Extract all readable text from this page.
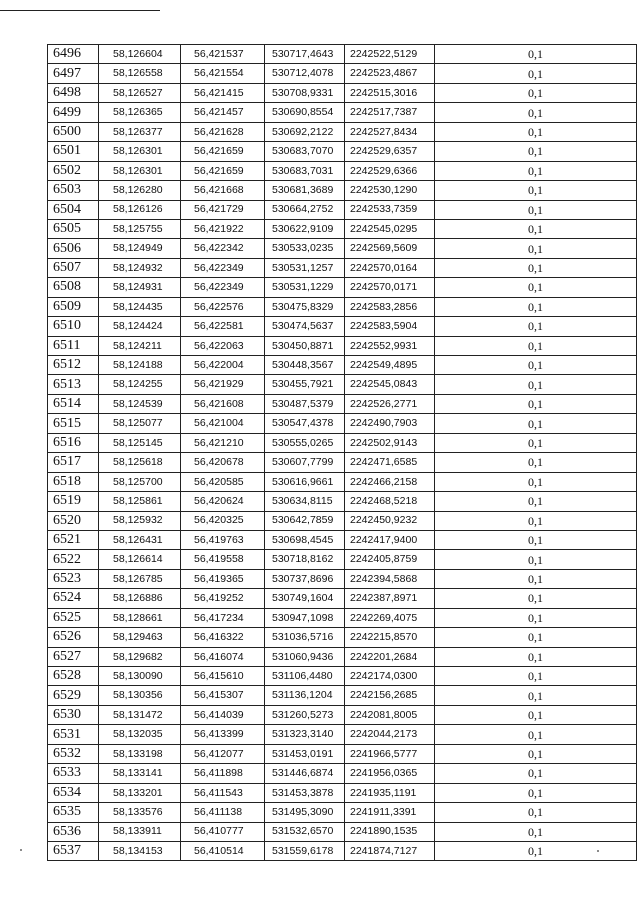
6496	58,126604	56,421537	530717,4643	2242522,5129	0,1
6497	58,126558	56,421554	530712,4078	2242523,4867	0,1
6498	58,126527	56,421415	530708,9331	2242515,3016	0,1
6499	58,126365	56,421457	530690,8554	2242517,7387	0,1
6500	58,126377	56,421628	530692,2122	2242527,8434	0,1
6501	58,126301	56,421659	530683,7070	2242529,6357	0,1
6502	58,126301	56,421659	530683,7031	2242529,6366	0,1
6503	58,126280	56,421668	530681,3689	2242530,1290	0,1
6504	58,126126	56,421729	530664,2752	2242533,7359	0,1
6505	58,125755	56,421922	530622,9109	2242545,0295	0,1
6506	58,124949	56,422342	530533,0235	2242569,5609	0,1
6507	58,124932	56,422349	530531,1257	2242570,0164	0,1
6508	58,124931	56,422349	530531,1229	2242570,0171	0,1
6509	58,124435	56,422576	530475,8329	2242583,2856	0,1
6510	58,124424	56,422581	530474,5637	2242583,5904	0,1
6511	58,124211	56,422063	530450,8871	2242552,9931	0,1
6512	58,124188	56,422004	530448,3567	2242549,4895	0,1
6513	58,124255	56,421929	530455,7921	2242545,0843	0,1
6514	58,124539	56,421608	530487,5379	2242526,2771	0,1
6515	58,125077	56,421004	530547,4378	2242490,7903	0,1
6516	58,125145	56,421210	530555,0265	2242502,9143	0,1
6517	58,125618	56,420678	530607,7799	2242471,6585	0,1
6518	58,125700	56,420585	530616,9661	2242466,2158	0,1
6519	58,125861	56,420624	530634,8115	2242468,5218	0,1
6520	58,125932	56,420325	530642,7859	2242450,9232	0,1
6521	58,126431	56,419763	530698,4545	2242417,9400	0,1
6522	58,126614	56,419558	530718,8162	2242405,8759	0,1
6523	58,126785	56,419365	530737,8696	2242394,5868	0,1
6524	58,126886	56,419252	530749,1604	2242387,8971	0,1
6525	58,128661	56,417234	530947,1098	2242269,4075	0,1
6526	58,129463	56,416322	531036,5716	2242215,8570	0,1
6527	58,129682	56,416074	531060,9436	2242201,2684	0,1
6528	58,130090	56,415610	531106,4480	2242174,0300	0,1
6529	58,130356	56,415307	531136,1204	2242156,2685	0,1
6530	58,131472	56,414039	531260,5273	2242081,8005	0,1
6531	58,132035	56,413399	531323,3140	2242044,2173	0,1
6532	58,133198	56,412077	531453,0191	2241966,5777	0,1
6533	58,133141	56,411898	531446,6874	2241956,0365	0,1
6534	58,133201	56,411543	531453,3878	2241935,1191	0,1
6535	58,133576	56,411138	531495,3090	2241911,3391	0,1
6536	58,133911	56,410777	531532,6570	2241890,1535	0,1
6537	58,134153	56,410514	531559,6178	2241874,7127	0,1
